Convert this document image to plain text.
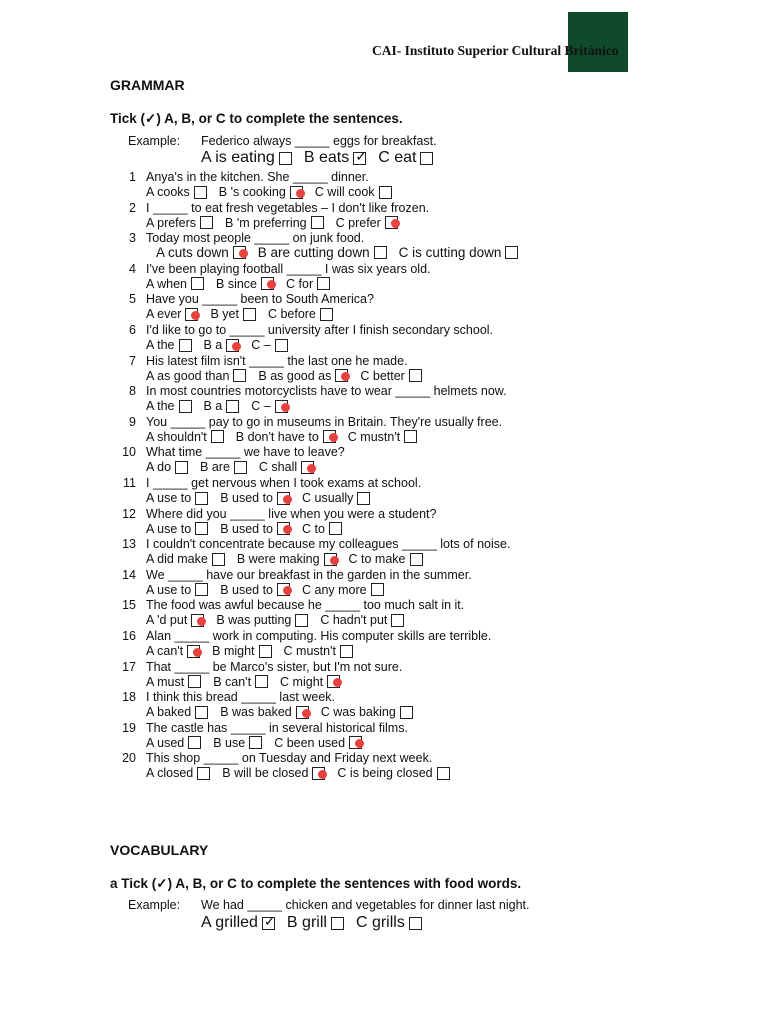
CAI- Instituto Superior Cultural Británico
GRAMMAR
Tick (✓) A, B, or C to complete the sentences.
Example: Federico always _____ eggs for breakfast.
A is eating B eats ✓ C eat
1 Anya's in the kitchen. She _____ dinner.
A cooks B 's cooking C will cook
2 I _____ to eat fresh vegetables – I don't like frozen.
A prefers B 'm preferring C prefer
3 Today most people _____ on junk food.
A cuts down B are cutting down C is cutting down
4 I've been playing football _____ I was six years old.
A when B since C for
5 Have you _____ been to South America?
A ever B yet C before
6 I'd like to go to _____ university after I finish secondary school.
A the B a C –
7 His latest film isn't _____ the last one he made.
A as good than B as good as C better
8 In most countries motorcyclists have to wear _____ helmets now.
A the B a C –
9 You _____ pay to go in museums in Britain. They're usually free.
A shouldn't B don't have to C mustn't
10 What time _____ we have to leave?
A do B are C shall
11 I _____ get nervous when I took exams at school.
A use to B used to C usually
12 Where did you _____ live when you were a student?
A use to B used to C to
13 I couldn't concentrate because my colleagues _____ lots of noise.
A did make B were making C to make
14 We _____ have our breakfast in the garden in the summer.
A use to B used to C any more
15 The food was awful because he _____ too much salt in it.
A 'd put B was putting C hadn't put
16 Alan _____ work in computing. His computer skills are terrible.
A can't B might C mustn't
17 That _____ be Marco's sister, but I'm not sure.
A must B can't C might
18 I think this bread _____ last week.
A baked B was baked C was baking
19 The castle has _____ in several historical films.
A used B use C been used
20 This shop _____ on Tuesday and Friday next week.
A closed B will be closed C is being closed
VOCABULARY
a Tick (✓) A, B, or C to complete the sentences with food words.
Example: We had _____ chicken and vegetables for dinner last night.
A grilled ✓ B grill C grills
